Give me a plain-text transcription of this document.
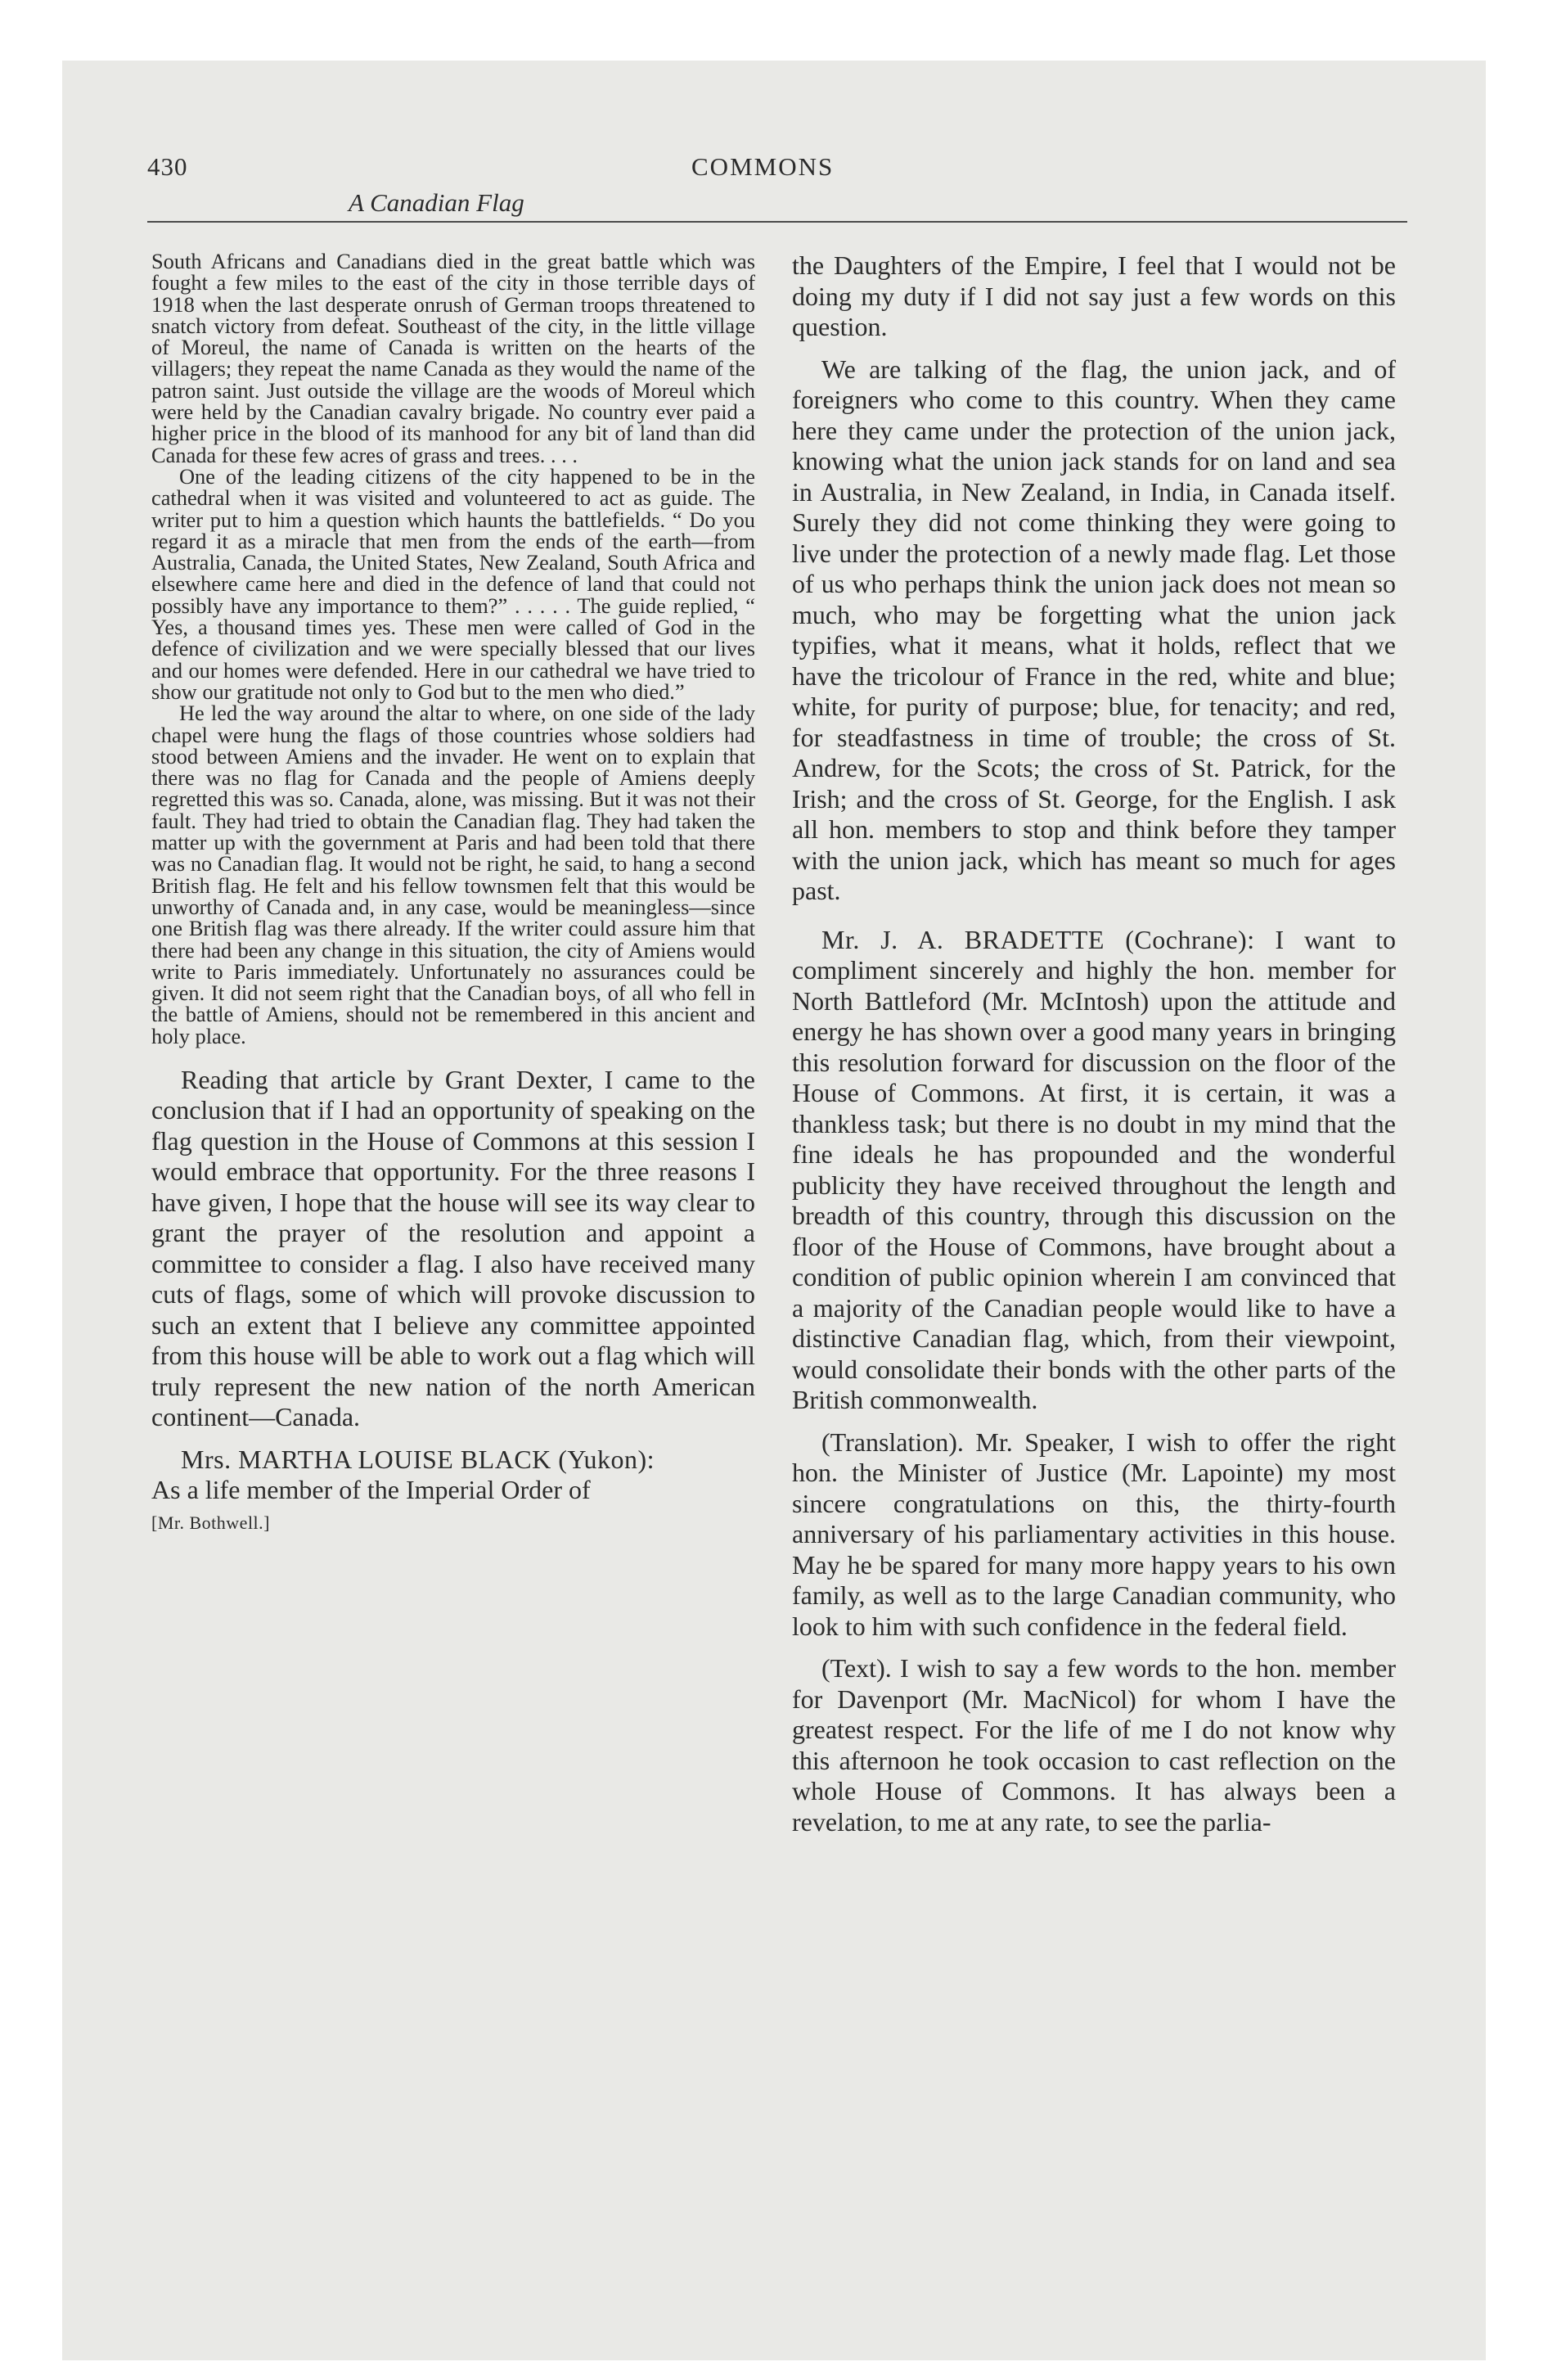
430	COMMONS
A Canadian Flag

South Africans and Canadians died in the great battle which was fought a few miles to the east of the city in those terrible days of 1918 when the last desperate onrush of German troops threatened to snatch victory from defeat. Southeast of the city, in the little village of Moreul, the name of Canada is written on the hearts of the villagers; they repeat the name Canada as they would the name of the patron saint. Just outside the village are the woods of Moreul which were held by the Canadian cavalry brigade. No country ever paid a higher price in the blood of its manhood for any bit of land than did Canada for these few acres of grass and trees. . . .

One of the leading citizens of the city happened to be in the cathedral when it was visited and volunteered to act as guide. The writer put to him a question which haunts the battlefields. “ Do you regard it as a miracle that men from the ends of the earth—from Australia, Canada, the United States, New Zealand, South Africa and elsewhere came here and died in the defence of land that could not possibly have any importance to them?” . . . . . The guide replied, “ Yes, a thousand times yes. These men were called of God in the defence of civilization and we were specially blessed that our lives and our homes were defended. Here in our cathedral we have tried to show our gratitude not only to God but to the men who died.”

He led the way around the altar to where, on one side of the lady chapel were hung the flags of those countries whose soldiers had stood between Amiens and the invader. He went on to explain that there was no flag for Canada and the people of Amiens deeply regretted this was so. Canada, alone, was missing. But it was not their fault. They had tried to obtain the Canadian flag. They had taken the matter up with the government at Paris and had been told that there was no Canadian flag. It would not be right, he said, to hang a second British flag. He felt and his fellow townsmen felt that this would be unworthy of Canada and, in any case, would be meaningless—since one British flag was there already. If the writer could assure him that there had been any change in this situation, the city of Amiens would write to Paris immediately. Unfortunately no assurances could be given. It did not seem right that the Canadian boys, of all who fell in the battle of Amiens, should not be remembered in this ancient and holy place.

Reading that article by Grant Dexter, I came to the conclusion that if I had an opportunity of speaking on the flag question in the House of Commons at this session I would embrace that opportunity. For the three reasons I have given, I hope that the house will see its way clear to grant the prayer of the resolution and appoint a committee to consider a flag. I also have received many cuts of flags, some of which will provoke discussion to such an extent that I believe any committee appointed from this house will be able to work out a flag which will truly represent the new nation of the north American continent—Canada.

Mrs. MARTHA LOUISE BLACK (Yukon):

As a life member of the Imperial Order of

[Mr. Bothwell.]

the Daughters of the Empire, I feel that I would not be doing my duty if I did not say just a few words on this question.

We are talking of the flag, the union jack, and of foreigners who come to this country. When they came here they came under the protection of the union jack, knowing what the union jack stands for on land and sea in Australia, in New Zealand, in India, in Canada itself. Surely they did not come thinking they were going to live under the protection of a newly made flag. Let those of us who perhaps think the union jack does not mean so much, who may be forgetting what the union jack typifies, what it means, what it holds, reflect that we have the tricolour of France in the red, white and blue; white, for purity of purpose; blue, for tenacity; and red, for steadfastness in time of trouble; the cross of St. Andrew, for the Scots; the cross of St. Patrick, for the Irish; and the cross of St. George, for the English. I ask all hon. members to stop and think before they tamper with the union jack, which has meant so much for ages past.

Mr. J. A. BRADETTE (Cochrane): I want to compliment sincerely and highly the hon. member for North Battleford (Mr. McIntosh) upon the attitude and energy he has shown over a good many years in bringing this resolution forward for discussion on the floor of the House of Commons. At first, it is certain, it was a thankless task; but there is no doubt in my mind that the fine ideals he has propounded and the wonderful publicity they have received throughout the length and breadth of this country, through this discussion on the floor of the House of Commons, have brought about a condition of public opinion wherein I am convinced that a majority of the Canadian people would like to have a distinctive Canadian flag, which, from their viewpoint, would consolidate their bonds with the other parts of the British commonwealth.

(Translation). Mr. Speaker, I wish to offer the right hon. the Minister of Justice (Mr. Lapointe) my most sincere congratulations on this, the thirty-fourth anniversary of his parliamentary activities in this house. May he be spared for many more happy years to his own family, as well as to the large Canadian community, who look to him with such confidence in the federal field.

(Text). I wish to say a few words to the hon. member for Davenport (Mr. MacNicol) for whom I have the greatest respect. For the life of me I do not know why this afternoon he took occasion to cast reflection on the whole House of Commons. It has always been a revelation, to me at any rate, to see the parlia-
